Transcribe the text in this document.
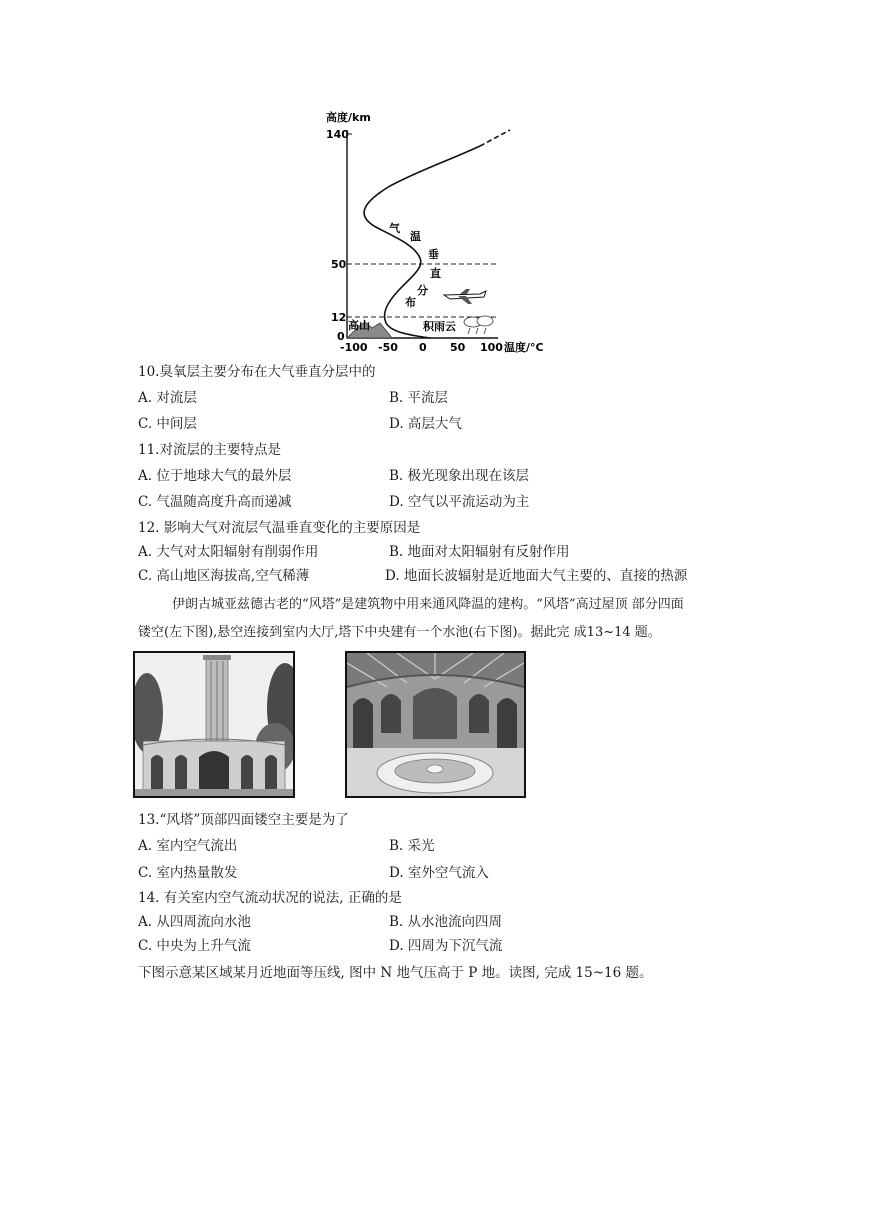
高度/km
140
50
12
0
高山
气
温
垂
直
分
布
积雨云
-100 -50 0 50 100 温度/°C
10.臭氧层主要分布在大气垂直分层中的
A. 对流层	B. 平流层
C. 中间层	D. 高层大气
11.对流层的主要特点是
A. 位于地球大气的最外层	B. 极光现象出现在该层
C. 气温随高度升高而递减	D. 空气以平流运动为主
12. 影响大气对流层气温垂直变化的主要原因是
A. 大气对太阳辐射有削弱作用	B. 地面对太阳辐射有反射作用
C. 高山地区海拔高,空气稀薄	D. 地面长波辐射是近地面大气主要的、直接的热源
伊朗古城亚兹德古老的“风塔”是建筑物中用来通风降温的建构。“风塔”高过屋顶 部分四面
镂空(左下图),悬空连接到室内大厅,塔下中央建有一个水池(右下图)。据此完 成13~14 题。
13.“风塔”顶部四面镂空主要是为了
A. 室内空气流出	B. 采光
C. 室内热量散发	D. 室外空气流入
14. 有关室内空气流动状况的说法, 正确的是
A. 从四周流向水池	B. 从水池流向四周
C. 中央为上升气流	D. 四周为下沉气流
下图示意某区域某月近地面等压线, 图中 N 地气压高于 P 地。读图, 完成 15~16 题。
